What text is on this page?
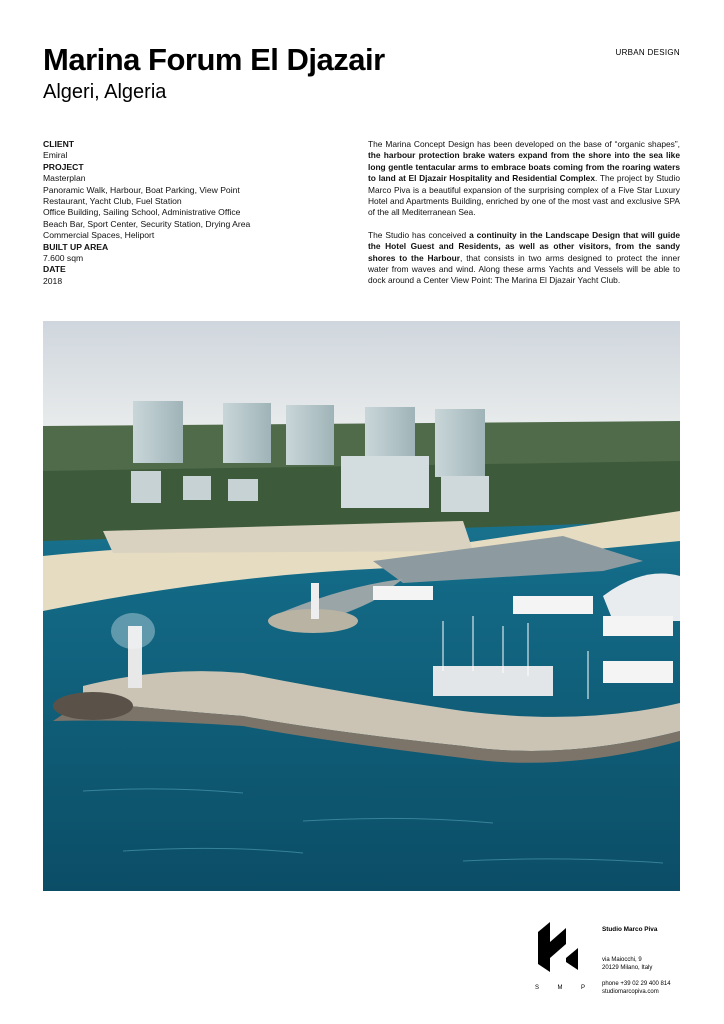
Marina Forum El Djazair
Algeri, Algeria
URBAN DESIGN
CLIENT
Emiral
PROJECT
Masterplan
Panoramic Walk, Harbour, Boat Parking, View Point
Restaurant, Yacht Club, Fuel Station
Office Building, Sailing School, Administrative Office
Beach Bar, Sport Center, Security Station, Drying Area
Commercial Spaces, Heliport
BUILT UP AREA
7.600 sqm
DATE
2018

The Marina Concept Design has been developed on the base of “organic shapes”, the harbour protection brake waters expand from the shore into the sea like long gentle tentacular arms to embrace boats coming from the roaring waters to land at El Djazair Hospitality and Residential Complex. The project by Studio Marco Piva is a beautiful expansion of the surprising complex of a Five Star Luxury Hotel and Apartments Building, enriched by one of the most vast and exclusive SPA of the all Mediterranean Sea.

The Studio has conceived a continuity in the Landscape Design that will guide the Hotel Guest and Residents, as well as other visitors, from the sandy shores to the Harbour, that consists in two arms designed to protect the inner water from waves and wind. Along these arms Yachts and Vessels will be able to dock around a Center View Point: The Marina El Djazair Yacht Club.

S	M	P
Studio Marco Piva
via Maiocchi, 9
20129 Milano, Italy
phone +39 02 29 400 814
studiomarcopiva.com
